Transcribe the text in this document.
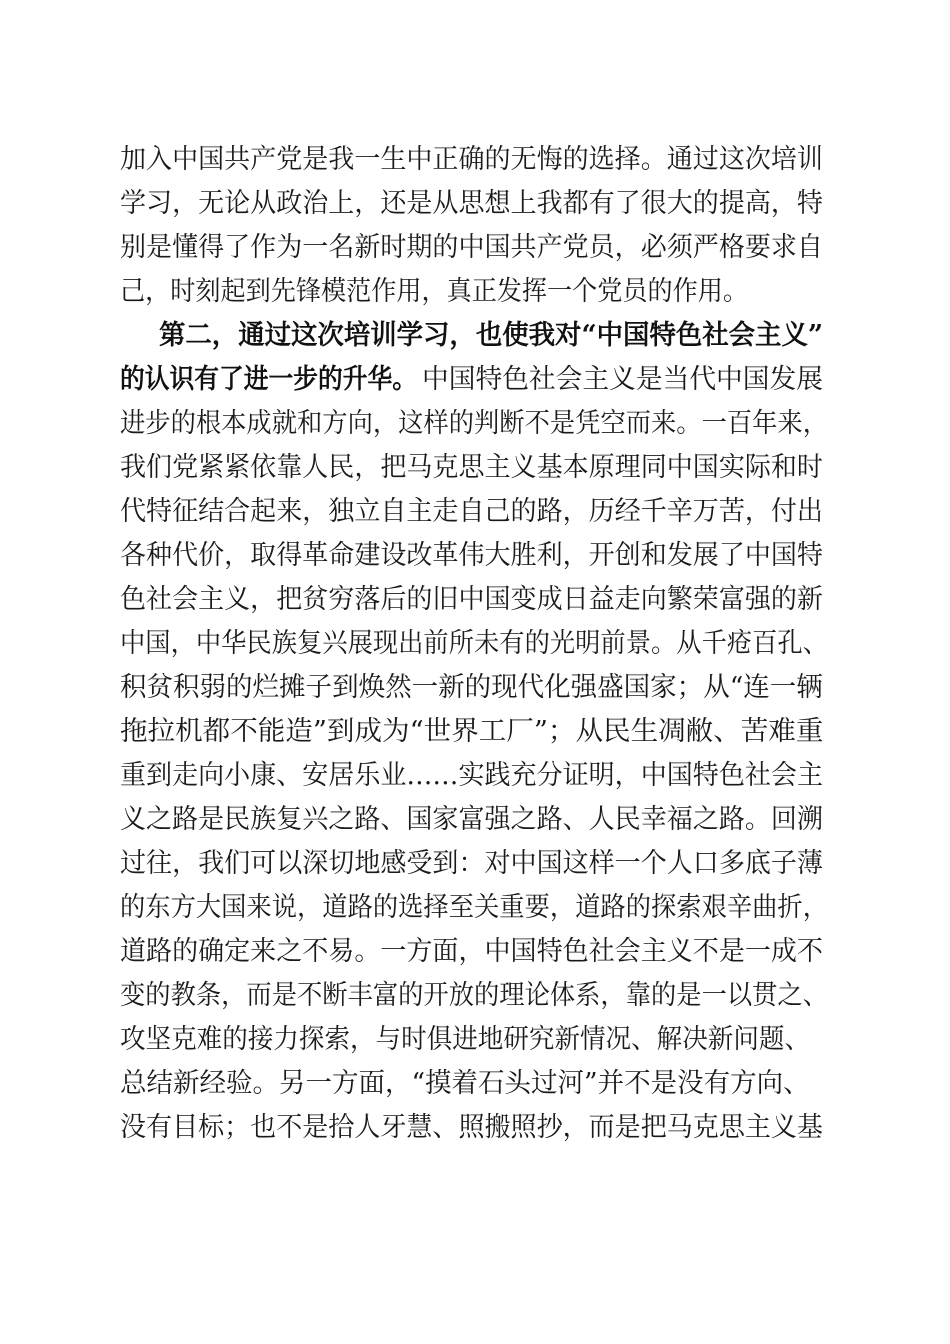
加入中国共产党是我一生中正确的无悔的选择。通过这次培训

学习，无论从政治上，还是从思想上我都有了很大的提高，特

别是懂得了作为一名新时期的中国共产党员，必须严格要求自

己，时刻起到先锋模范作用，真正发挥一个党员的作用。

第二，通过这次培训学习，也使我对“中国特色社会主义”

的认识有了进一步的升华。 中国特色社会主义是当代中国发展

进步的根本成就和方向，这样的判断不是凭空而来。一百年来，

我们党紧紧依靠人民，把马克思主义基本原理同中国实际和时

代特征结合起来，独立自主走自己的路，历经千辛万苦，付出

各种代价，取得革命建设改革伟大胜利，开创和发展了中国特

色社会主义，把贫穷落后的旧中国变成日益走向繁荣富强的新

中国，中华民族复兴展现出前所未有的光明前景。从千疮百孔、

积贫积弱的烂摊子到焕然一新的现代化强盛国家；从“连一辆

拖拉机都不能造”到成为“世界工厂”；从民生凋敝、苦难重

重到走向小康、安居乐业……实践充分证明，中国特色社会主

义之路是民族复兴之路、国家富强之路、人民幸福之路。回溯

过往，我们可以深切地感受到：对中国这样一个人口多底子薄

的东方大国来说，道路的选择至关重要，道路的探索艰辛曲折，

道路的确定来之不易。一方面，中国特色社会主义不是一成不

变的教条，而是不断丰富的开放的理论体系，靠的是一以贯之、

攻坚克难的接力探索，与时俱进地研究新情况、解决新问题、

总结新经验。另一方面，“摸着石头过河”并不是没有方向、

没有目标；也不是拾人牙慧、照搬照抄，而是把马克思主义基
